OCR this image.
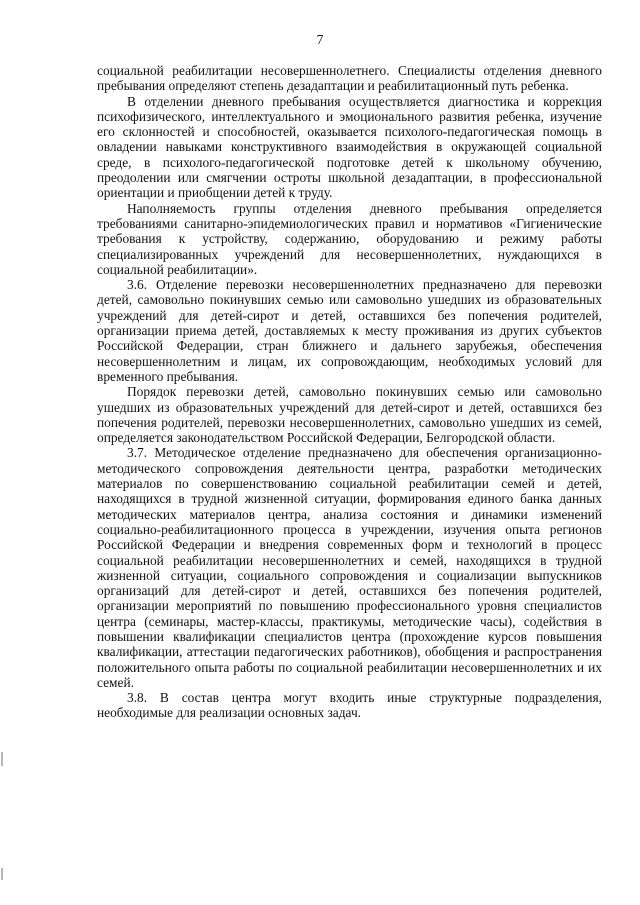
7

социальной реабилитации несовершеннолетнего. Специалисты отделения дневного пребывания определяют степень дезадаптации и реабилитационный путь ребенка.

В отделении дневного пребывания осуществляется диагностика и коррекция психофизического, интеллектуального и эмоционального развития ребенка, изучение его склонностей и способностей, оказывается психолого-педагогическая помощь в овладении навыками конструктивного взаимодействия в окружающей социальной среде, в психолого-педагогической подготовке детей к школьному обучению, преодолении или смягчении остроты школьной дезадаптации, в профессиональной ориентации и приобщении детей к труду.

Наполняемость группы отделения дневного пребывания определяется требованиями санитарно-эпидемиологических правил и нормативов «Гигиенические требования к устройству, содержанию, оборудованию и режиму работы специализированных учреждений для несовершеннолетних, нуждающихся в социальной реабилитации».

3.6. Отделение перевозки несовершеннолетних предназначено для перевозки детей, самовольно покинувших семью или самовольно ушедших из образовательных учреждений для детей-сирот и детей, оставшихся без попечения родителей, организации приема детей, доставляемых к месту проживания из других субъектов Российской Федерации, стран ближнего и дальнего зарубежья, обеспечения несовершеннолетним и лицам, их сопровождающим, необходимых условий для временного пребывания.

Порядок перевозки детей, самовольно покинувших семью или самовольно ушедших из образовательных учреждений для детей-сирот и детей, оставшихся без попечения родителей, перевозки несовершеннолетних, самовольно ушедших из семей, определяется законодательством Российской Федерации, Белгородской области.

3.7. Методическое отделение предназначено для обеспечения организационно-методического сопровождения деятельности центра, разработки методических материалов по совершенствованию социальной реабилитации семей и детей, находящихся в трудной жизненной ситуации, формирования единого банка данных методических материалов центра, анализа состояния и динамики изменений социально-реабилитационного процесса в учреждении, изучения опыта регионов Российской Федерации и внедрения современных форм и технологий в процесс социальной реабилитации несовершеннолетних и семей, находящихся в трудной жизненной ситуации, социального сопровождения и социализации выпускников организаций для детей-сирот и детей, оставшихся без попечения родителей, организации мероприятий по повышению профессионального уровня специалистов центра (семинары, мастер-классы, практикумы, методические часы), содействия в повышении квалификации специалистов центра (прохождение курсов повышения квалификации, аттестации педагогических работников), обобщения и распространения положительного опыта работы по социальной реабилитации несовершеннолетних и их семей.

3.8. В состав центра могут входить иные структурные подразделения, необходимые для реализации основных задач.
